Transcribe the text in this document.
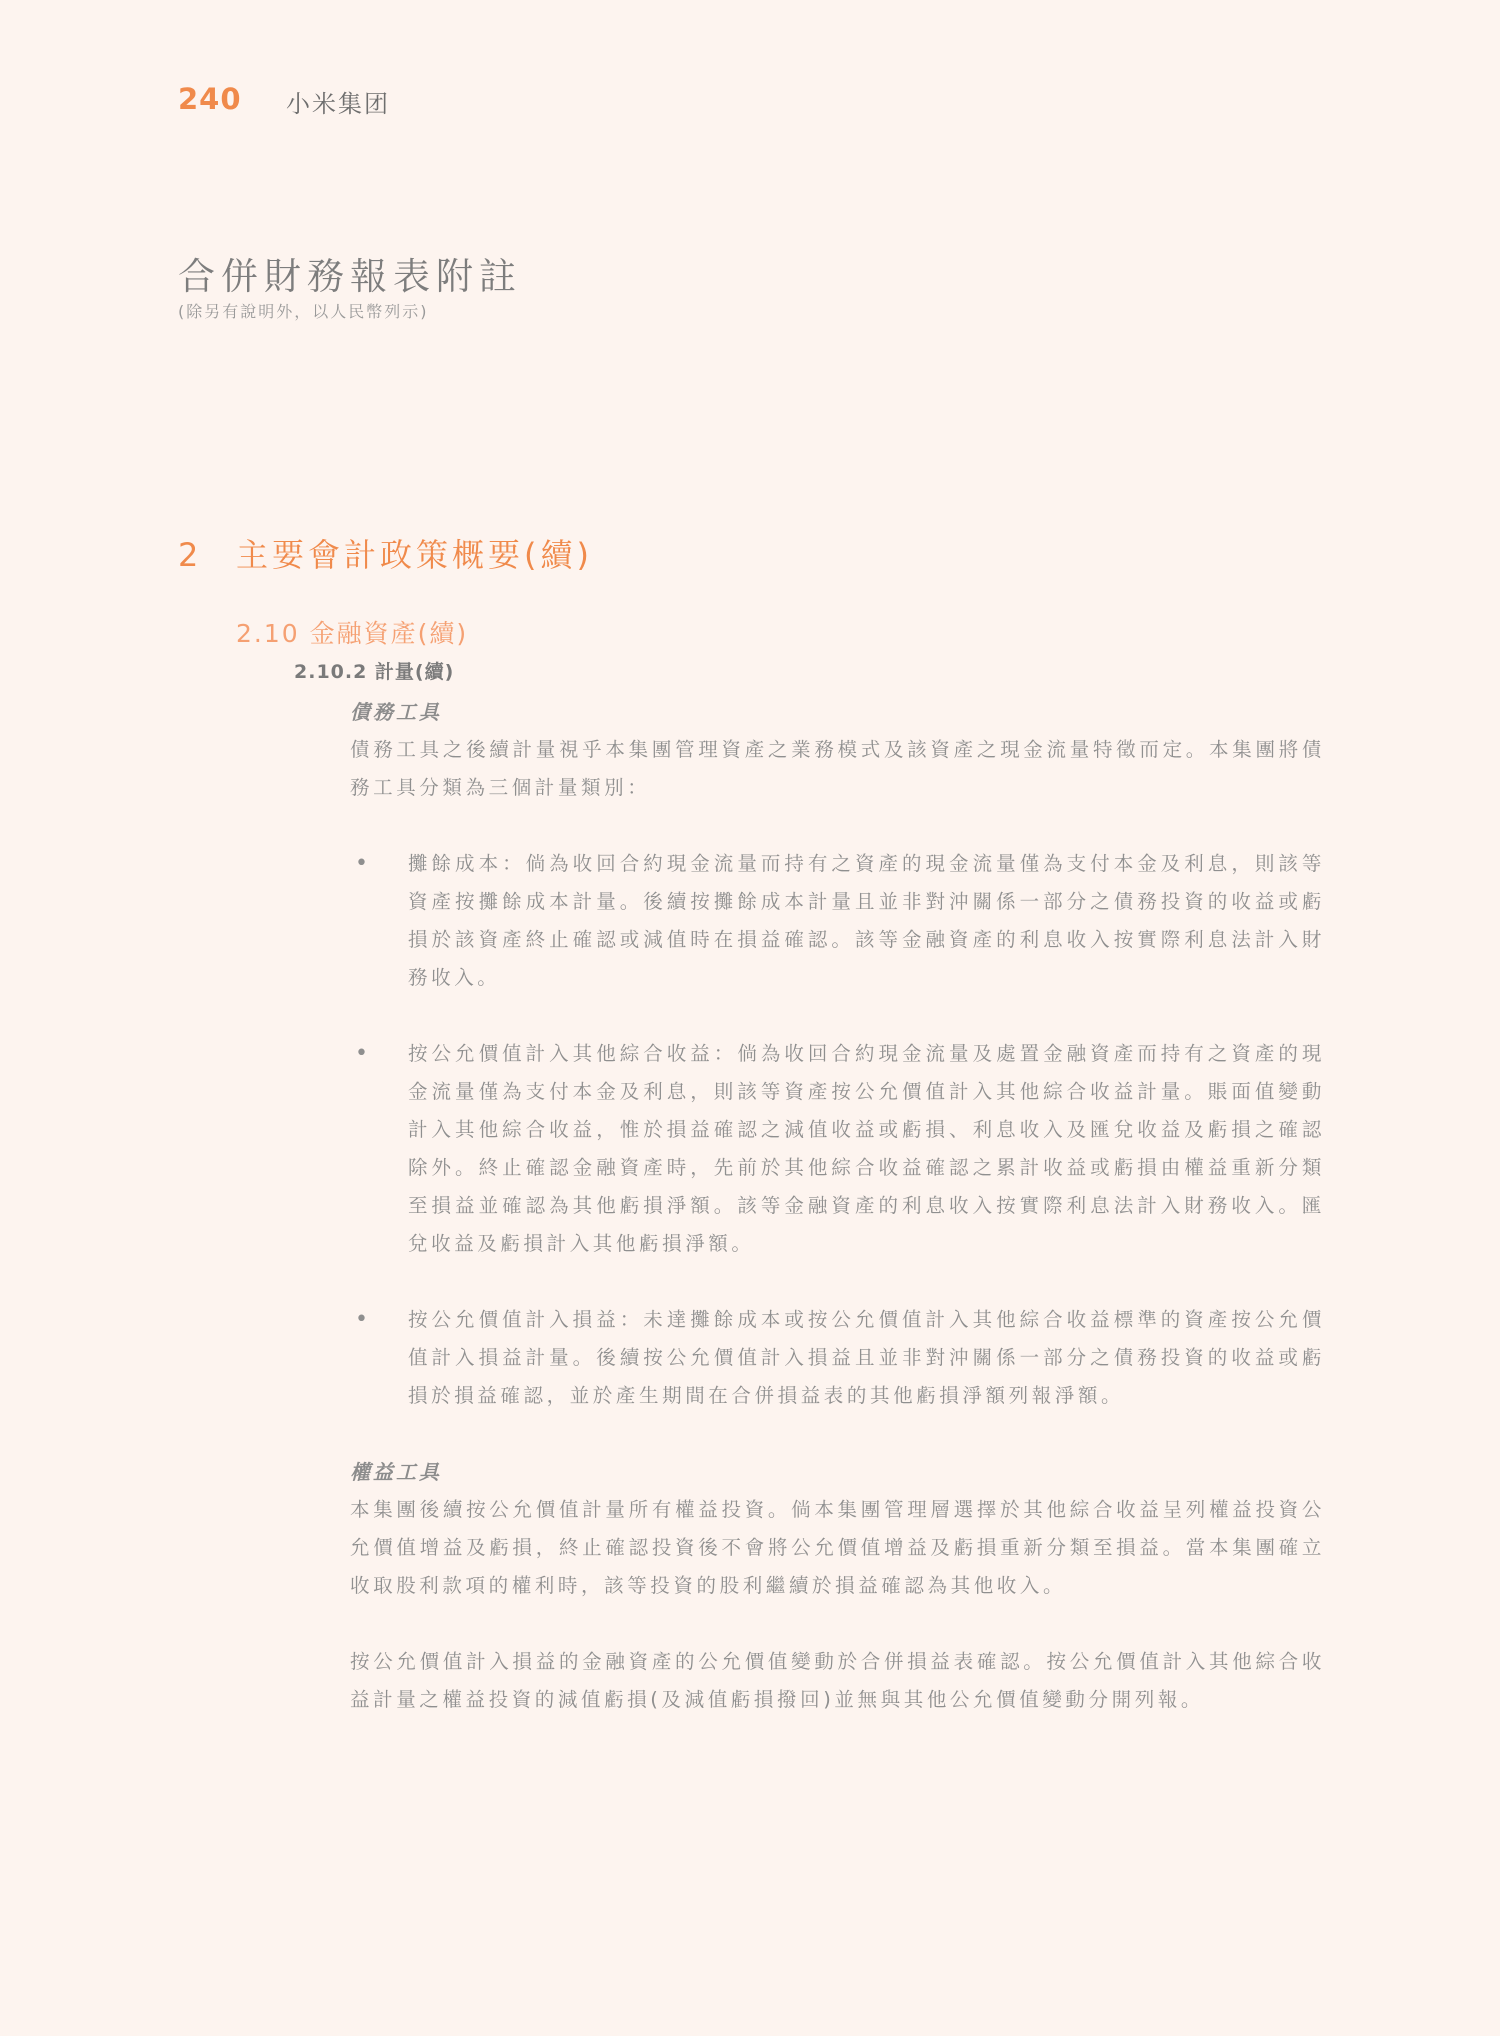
240 小米集团
合併財務報表附註
(除另有說明外，以人民幣列示)
2 主要會計政策概要(續)
2.10 金融資產(續)
2.10.2 計量(續)

債務工具

債務工具之後續計量視乎本集團管理資產之業務模式及該資產之現金流量特徵而定。本集團將債務工具分類為三個計量類別：

• 攤餘成本：倘為收回合約現金流量而持有之資產的現金流量僅為支付本金及利息，則該等資產按攤餘成本計量。後續按攤餘成本計量且並非對沖關係一部分之債務投資的收益或虧損於該資產終止確認或減值時在損益確認。該等金融資產的利息收入按實際利息法計入財務收入。

• 按公允價值計入其他綜合收益：倘為收回合約現金流量及處置金融資產而持有之資產的現金流量僅為支付本金及利息，則該等資產按公允價值計入其他綜合收益計量。賬面值變動計入其他綜合收益，惟於損益確認之減值收益或虧損、利息收入及匯兌收益及虧損之確認除外。終止確認金融資產時，先前於其他綜合收益確認之累計收益或虧損由權益重新分類至損益並確認為其他虧損淨額。該等金融資產的利息收入按實際利息法計入財務收入。匯兌收益及虧損計入其他虧損淨額。

• 按公允價值計入損益：未達攤餘成本或按公允價值計入其他綜合收益標準的資產按公允價值計入損益計量。後續按公允價值計入損益且並非對沖關係一部分之債務投資的收益或虧損於損益確認，並於產生期間在合併損益表的其他虧損淨額列報淨額。

權益工具

本集團後續按公允價值計量所有權益投資。倘本集團管理層選擇於其他綜合收益呈列權益投資公允價值增益及虧損，終止確認投資後不會將公允價值增益及虧損重新分類至損益。當本集團確立收取股利款項的權利時，該等投資的股利繼續於損益確認為其他收入。

按公允價值計入損益的金融資產的公允價值變動於合併損益表確認。按公允價值計入其他綜合收益計量之權益投資的減值虧損(及減值虧損撥回)並無與其他公允價值變動分開列報。
